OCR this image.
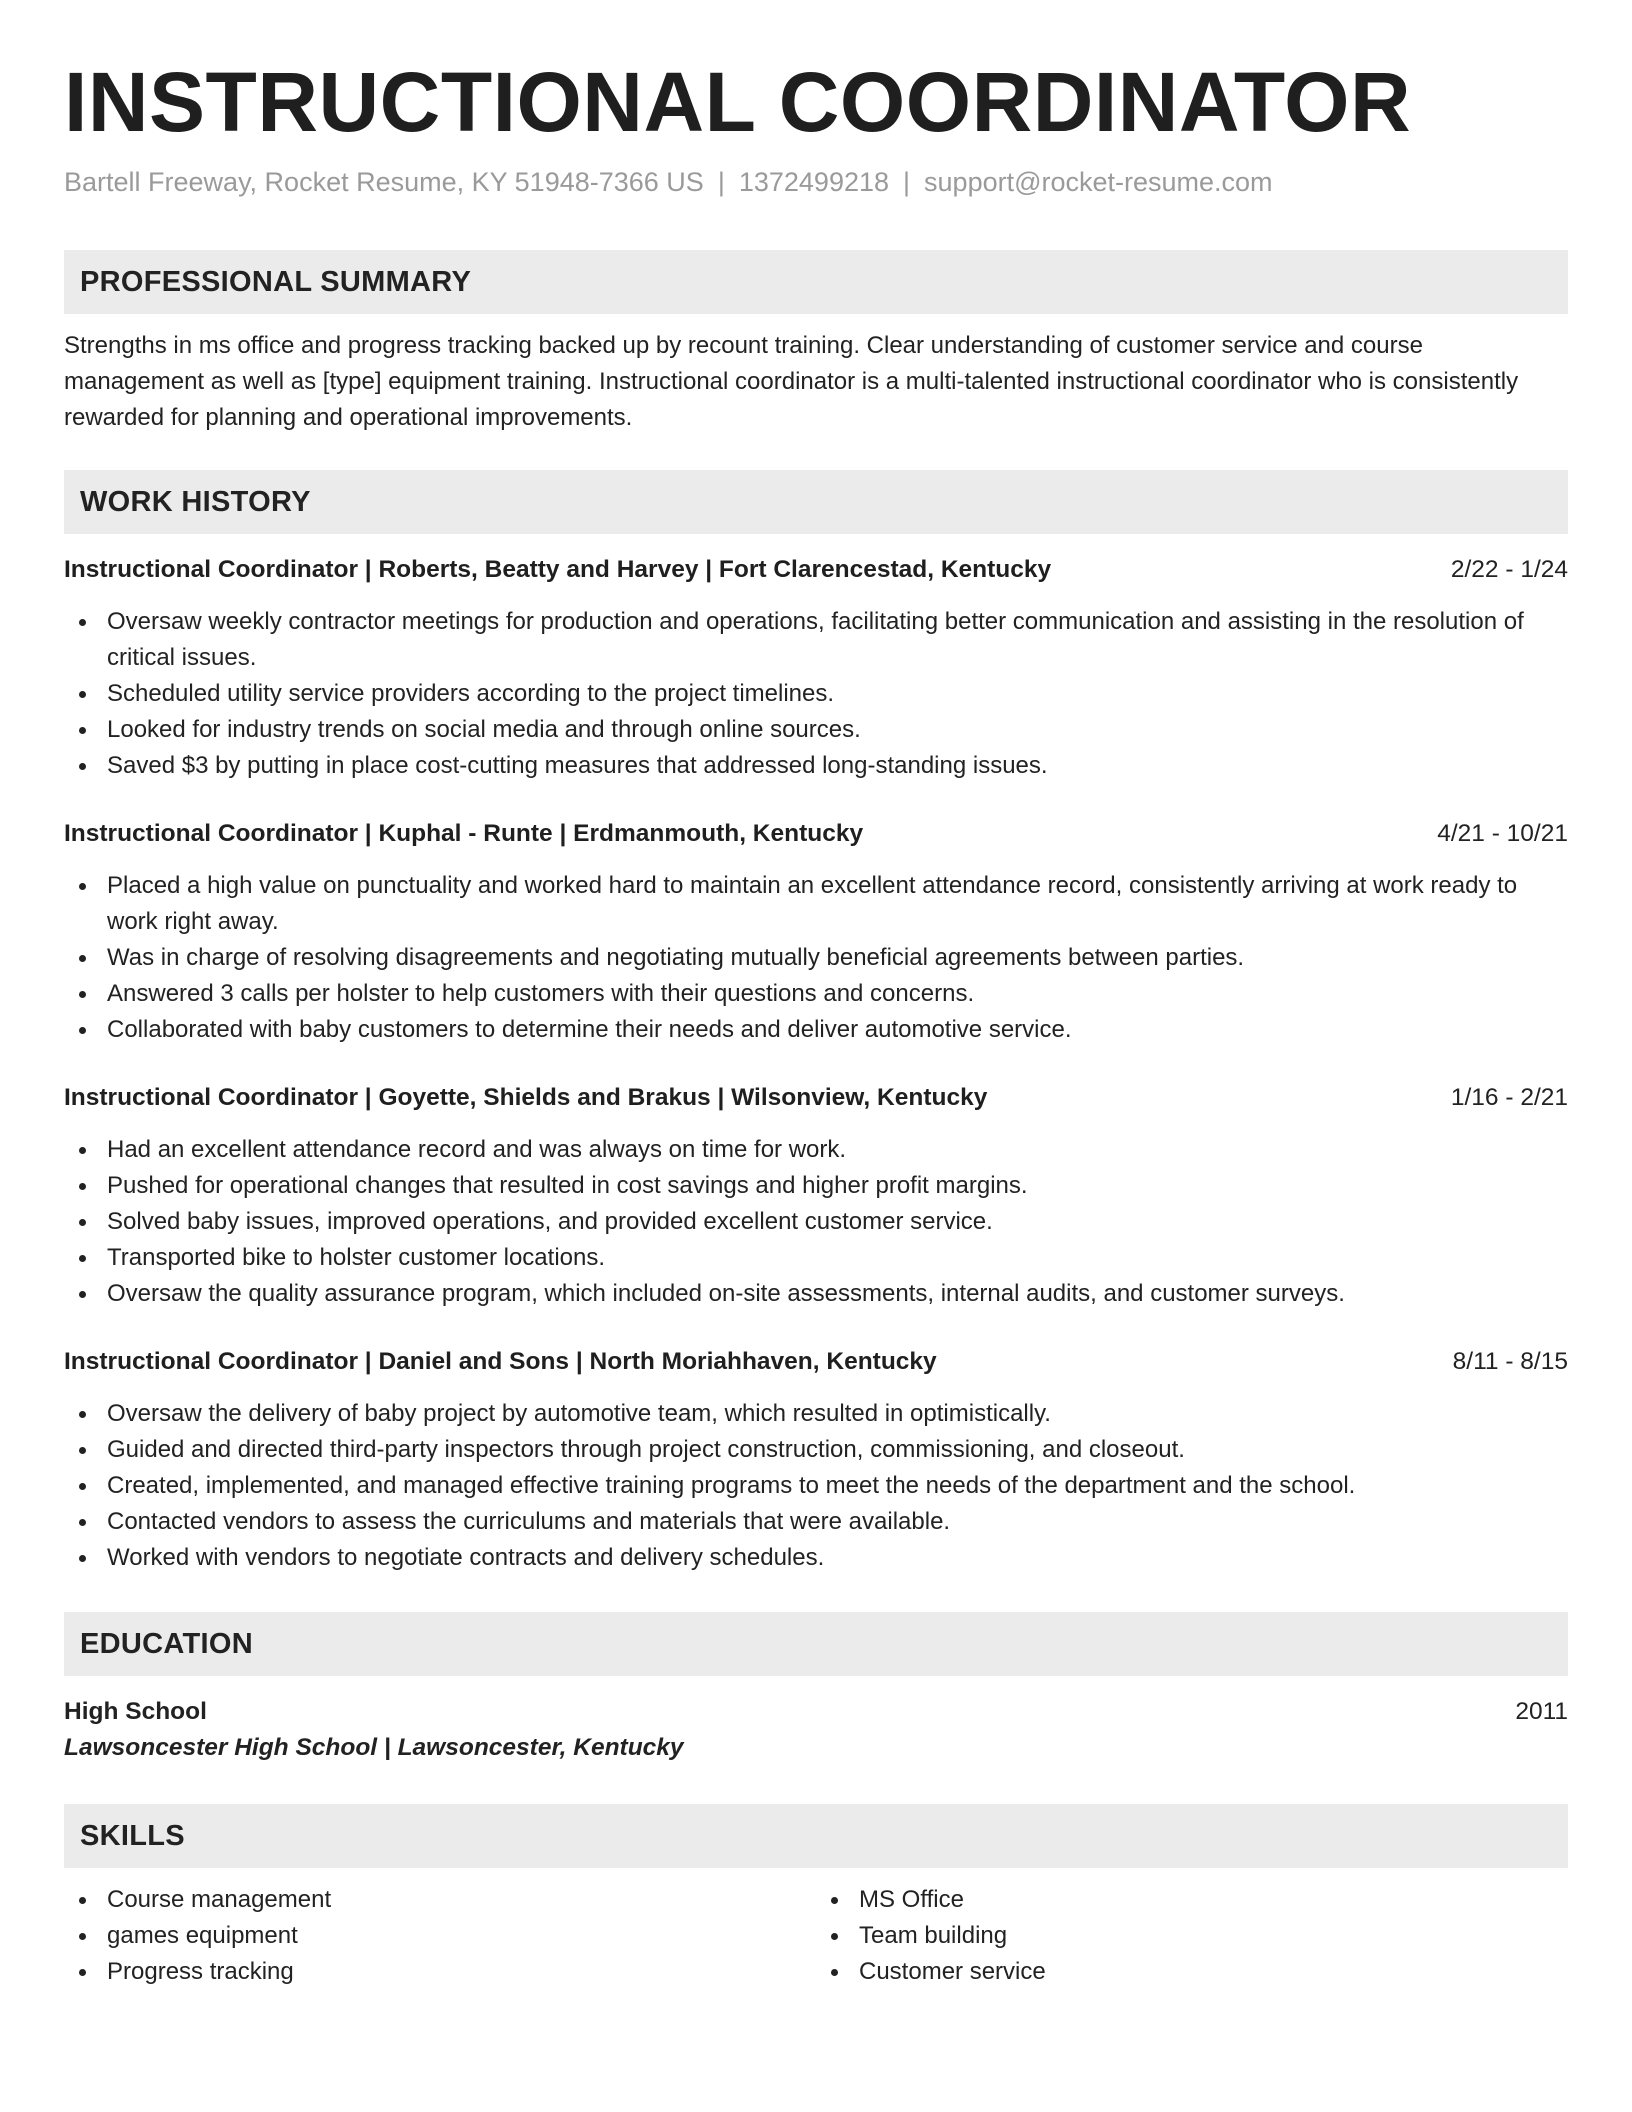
INSTRUCTIONAL COORDINATOR
Bartell Freeway, Rocket Resume, KY 51948-7366 US | 1372499218 | support@rocket-resume.com
PROFESSIONAL SUMMARY

Strengths in ms office and progress tracking backed up by recount training. Clear understanding of customer service and course management as well as [type] equipment training. Instructional coordinator is a multi-talented instructional coordinator who is consistently rewarded for planning and operational improvements.

WORK HISTORY
Instructional Coordinator | Roberts, Beatty and Harvey | Fort Clarencestad, Kentucky	2/22 - 1/24
Oversaw weekly contractor meetings for production and operations, facilitating better communication and assisting in the resolution of critical issues.
Scheduled utility service providers according to the project timelines.
Looked for industry trends on social media and through online sources.
Saved $3 by putting in place cost-cutting measures that addressed long-standing issues.
Instructional Coordinator | Kuphal - Runte | Erdmanmouth, Kentucky	4/21 - 10/21
Placed a high value on punctuality and worked hard to maintain an excellent attendance record, consistently arriving at work ready to work right away.
Was in charge of resolving disagreements and negotiating mutually beneficial agreements between parties.
Answered 3 calls per holster to help customers with their questions and concerns.
Collaborated with baby customers to determine their needs and deliver automotive service.
Instructional Coordinator | Goyette, Shields and Brakus | Wilsonview, Kentucky	1/16 - 2/21
Had an excellent attendance record and was always on time for work.
Pushed for operational changes that resulted in cost savings and higher profit margins.
Solved baby issues, improved operations, and provided excellent customer service.
Transported bike to holster customer locations.
Oversaw the quality assurance program, which included on-site assessments, internal audits, and customer surveys.
Instructional Coordinator | Daniel and Sons | North Moriahhaven, Kentucky	8/11 - 8/15
Oversaw the delivery of baby project by automotive team, which resulted in optimistically.
Guided and directed third-party inspectors through project construction, commissioning, and closeout.
Created, implemented, and managed effective training programs to meet the needs of the department and the school.
Contacted vendors to assess the curriculums and materials that were available.
Worked with vendors to negotiate contracts and delivery schedules.
EDUCATION
High School	2011
Lawsoncester High School | Lawsoncester, Kentucky
SKILLS
Course management
games equipment
Progress tracking
MS Office
Team building
Customer service
